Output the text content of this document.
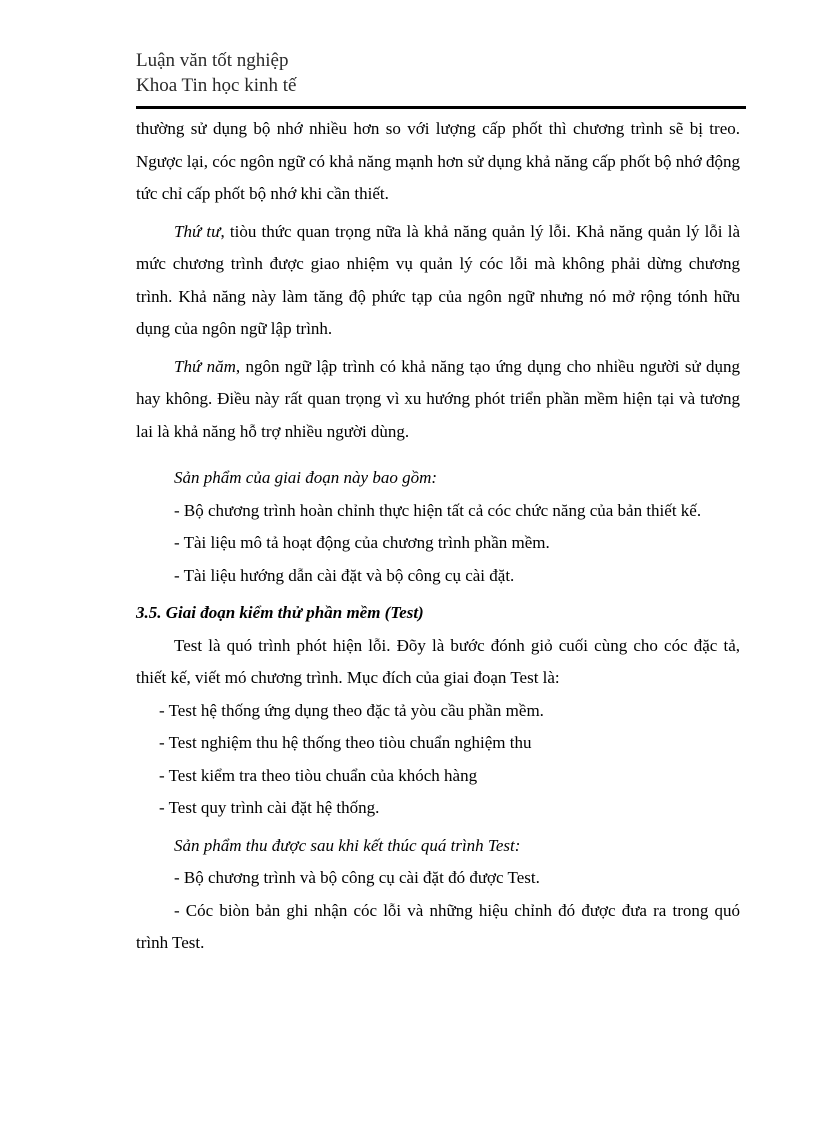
Luận văn tốt nghiệp
Khoa Tin học kinh tế

thường sử dụng bộ nhớ nhiều hơn so với lượng cấp phốt thì chương trình sẽ bị treo. Ngược lại, cóc ngôn ngữ có khả năng mạnh hơn sử dụng khả năng cấp phốt bộ nhớ động tức chỉ cấp phốt bộ nhớ khi cần thiết.

Thứ tư, tiòu thức quan trọng nữa là khả năng quản lý lỗi. Khả năng quản lý lỗi là mức chương trình được giao nhiệm vụ quản lý cóc lỗi mà không phải dừng chương trình. Khả năng này làm tăng độ phức tạp của ngôn ngữ nhưng nó mở rộng tónh hữu dụng của ngôn ngữ lập trình.

Thứ năm, ngôn ngữ lập trình có khả năng tạo ứng dụng cho nhiều người sử dụng hay không. Điều này rất quan trọng vì xu hướng phót triển phần mềm hiện tại và tương lai là khả năng hỗ trợ nhiều người dùng.

Sản phẩm của giai đoạn này bao gồm:

- Bộ chương trình hoàn chỉnh thực hiện tất cả cóc chức năng của bản thiết kế.

- Tài liệu mô tả hoạt động của chương trình phần mềm.

- Tài liệu hướng dẫn cài đặt và bộ công cụ cài đặt.

3.5. Giai đoạn kiểm thử phần mềm (Test)

Test là quó trình phót hiện lỗi. Đõy là bước đónh giỏ cuối cùng cho cóc đặc tả, thiết kế, viết mó chương trình. Mục đích của giai đoạn Test là:

- Test hệ thống ứng dụng theo đặc tả yòu cầu phần mềm.

- Test nghiệm thu hệ thống theo tiòu chuẩn nghiệm thu

- Test kiểm tra theo tiòu chuẩn của khóch hàng

- Test quy trình cài đặt hệ thống.

Sản phẩm thu được sau khi kết thúc quá trình Test:

- Bộ chương trình và bộ công cụ cài đặt đó được Test.

- Cóc biòn bản ghi nhận cóc lỗi và những hiệu chỉnh đó được đưa ra trong quó trình Test.
